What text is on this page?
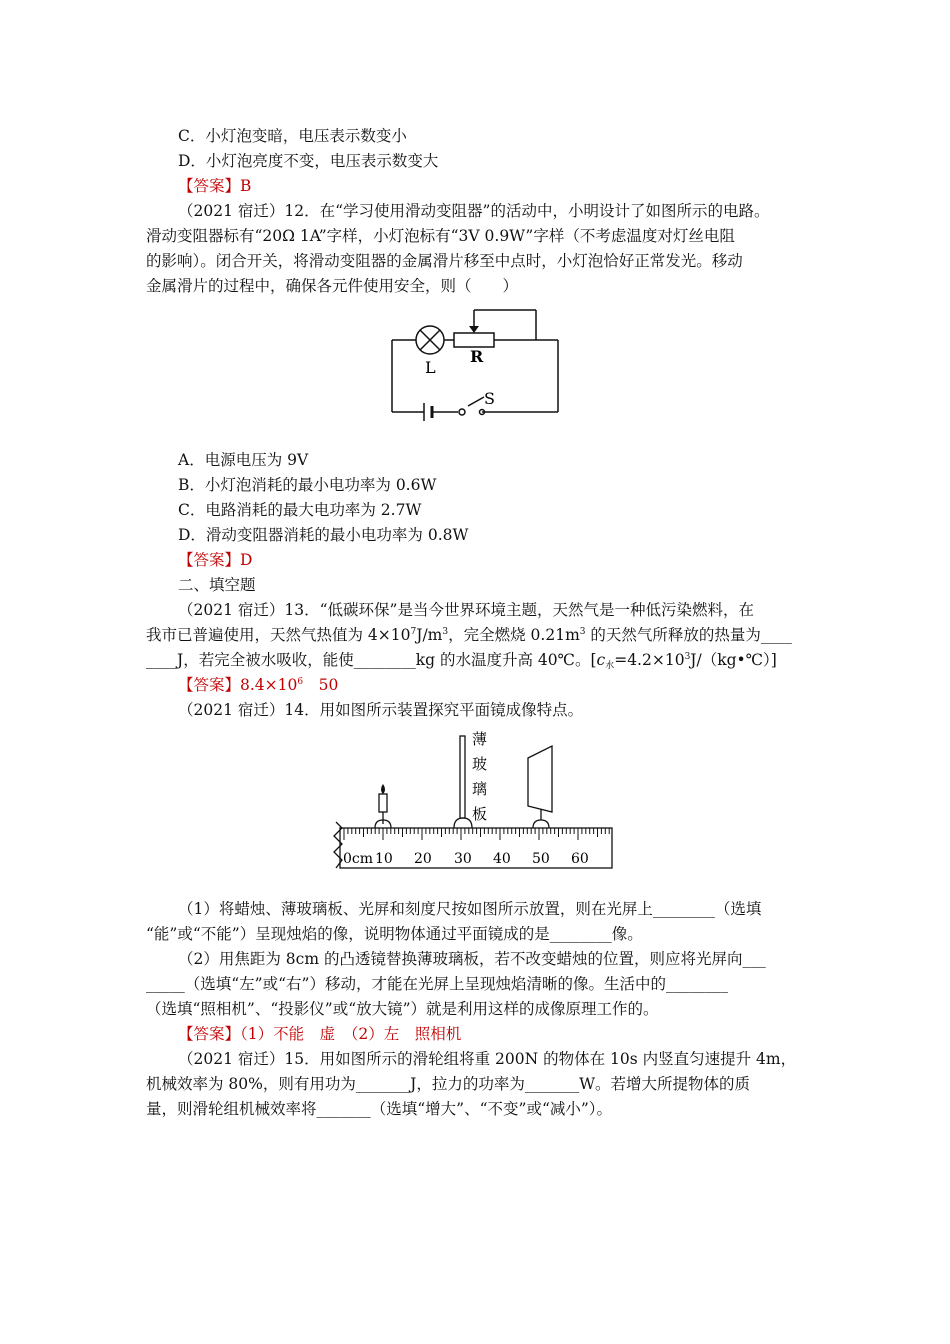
C．小灯泡变暗，电压表示数变小
D．小灯泡亮度不变，电压表示数变大
【答案】B
（2021 宿迁）12．在“学习使用滑动变阻器”的活动中，小明设计了如图所示的电路。
滑动变阻器标有“20Ω 1A”字样，小灯泡标有“3V 0.9W”字样（不考虑温度对灯丝电阻
的影响）。闭合开关，将滑动变阻器的金属滑片移至中点时，小灯泡恰好正常发光。移动
金属滑片的过程中，确保各元件使用安全，则（　　）
L
R
S
A．电源电压为 9V
B．小灯泡消耗的最小电功率为 0.6W
C．电路消耗的最大电功率为 2.7W
D．滑动变阻器消耗的最小电功率为 0.8W
【答案】D
二、填空题
（2021 宿迁）13．“低碳环保”是当今世界环境主题，天然气是一种低污染燃料，在
我市已普遍使用，天然气热值为 $4\times 10^7J/m^3$，完全燃烧 $0.21m^3$ 的天然气所释放的热量为____
____J，若完全被水吸收，能使________kg 的水温度升高 40℃。$[c_水=4.2\times 10^3J/(kg•℃)]$
【答案】$8.4\times 10^6$　50
（2021 宿迁）14．用如图所示装置探究平面镜成像特点。
薄
玻
璃
板
0cm 10 20 30 40 50 60
（1）将蜡烛、薄玻璃板、光屏和刻度尺按如图所示放置，则在光屏上________（选填
“能”或“不能”）呈现烛焰的像，说明物体通过平面镜成的是________像。
（2）用焦距为 8cm 的凸透镜替换薄玻璃板，若不改变蜡烛的位置，则应将光屏向___
_____（选填“左”或“右”）移动，才能在光屏上呈现烛焰清晰的像。生活中的________
（选填“照相机”、“投影仪”或“放大镜”）就是利用这样的成像原理工作的。
【答案】（1）不能　虚　（2）左　照相机
（2021 宿迁）15．用如图所示的滑轮组将重 200N 的物体在 10s 内竖直匀速提升 4m，
机械效率为 80%，则有用功为_______J，拉力的功率为_______W。若增大所提物体的质
量，则滑轮组机械效率将_______（选填“增大”、“不变”或“减小”）。
